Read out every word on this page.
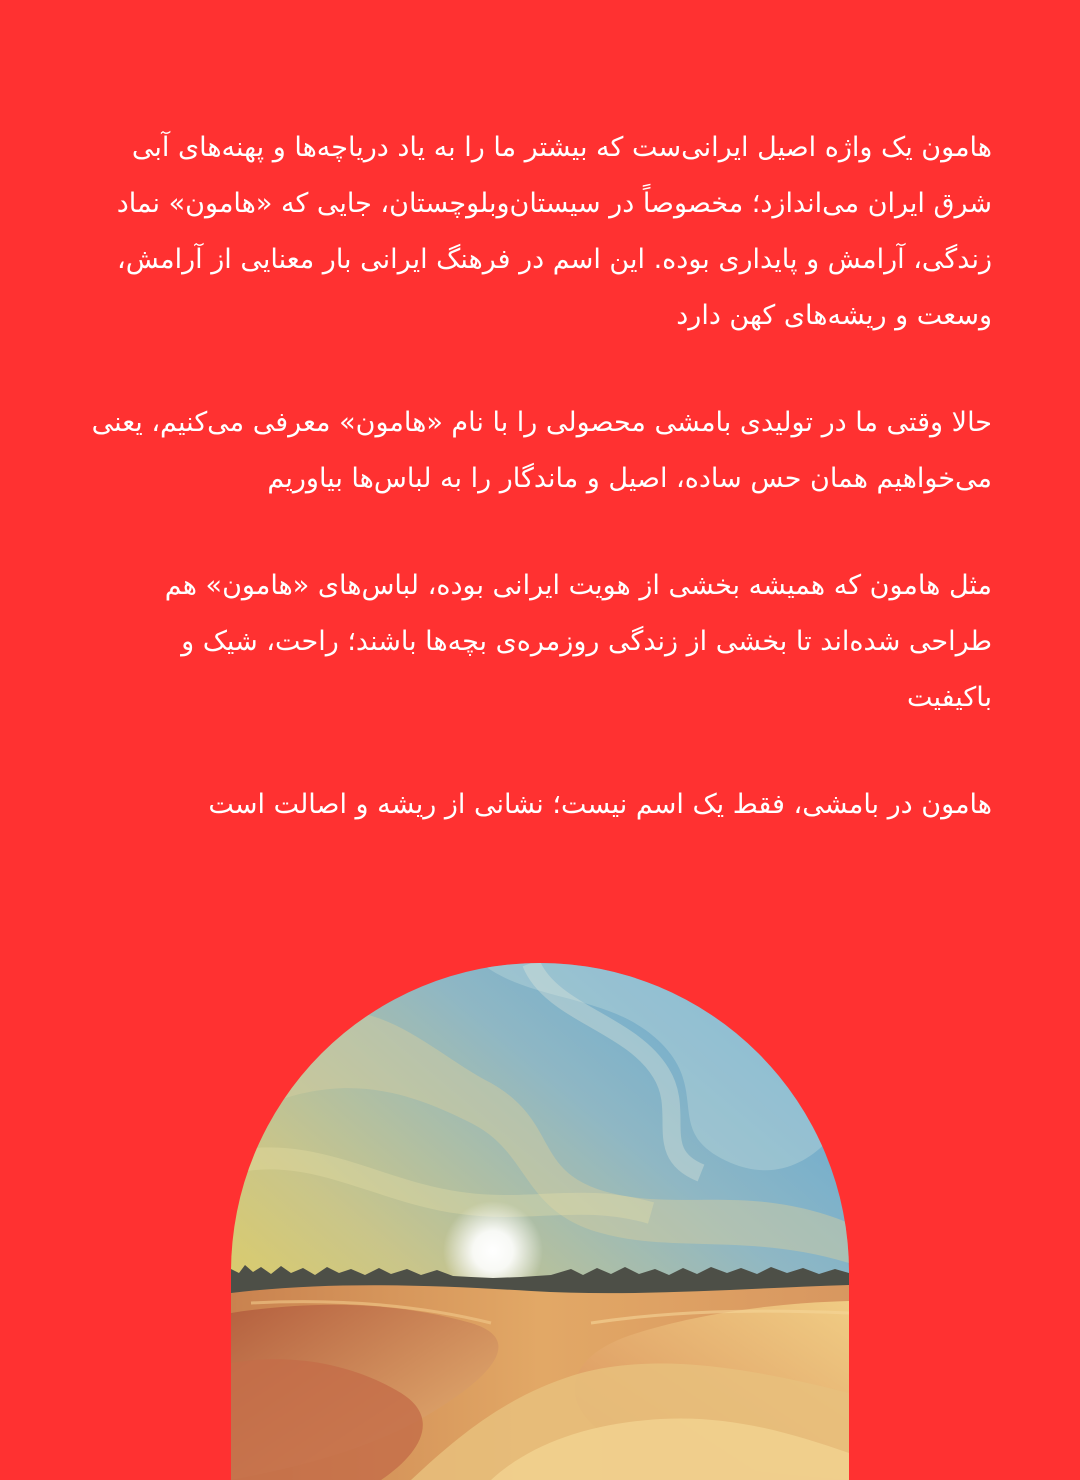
هامون یک واژه اصیل ایرانی‌ست که بیشتر ما را به یاد دریاچه‌ها و پهنه‌های آبی شرق ایران می‌اندازد؛ مخصوصاً در سیستان‌وبلوچستان، جایی که «هامون» نماد زندگی، آرامش و پایداری بوده. این اسم در فرهنگ ایرانی بار معنایی از آرامش، وسعت و ریشه‌های کهن دارد

حالا وقتی ما در تولیدی بامشی محصولی را با نام «هامون» معرفی می‌کنیم، یعنی می‌خواهیم همان حس ساده، اصیل و ماندگار را به لباس‌ها بیاوریم

مثل هامون که همیشه بخشی از هویت ایرانی بوده، لباس‌های «هامون» هم طراحی شده‌اند تا بخشی از زندگی روزمره‌ی بچه‌ها باشند؛ راحت، شیک و باکیفیت

هامون در بامشی، فقط یک اسم نیست؛ نشانی از ریشه و اصالت است
